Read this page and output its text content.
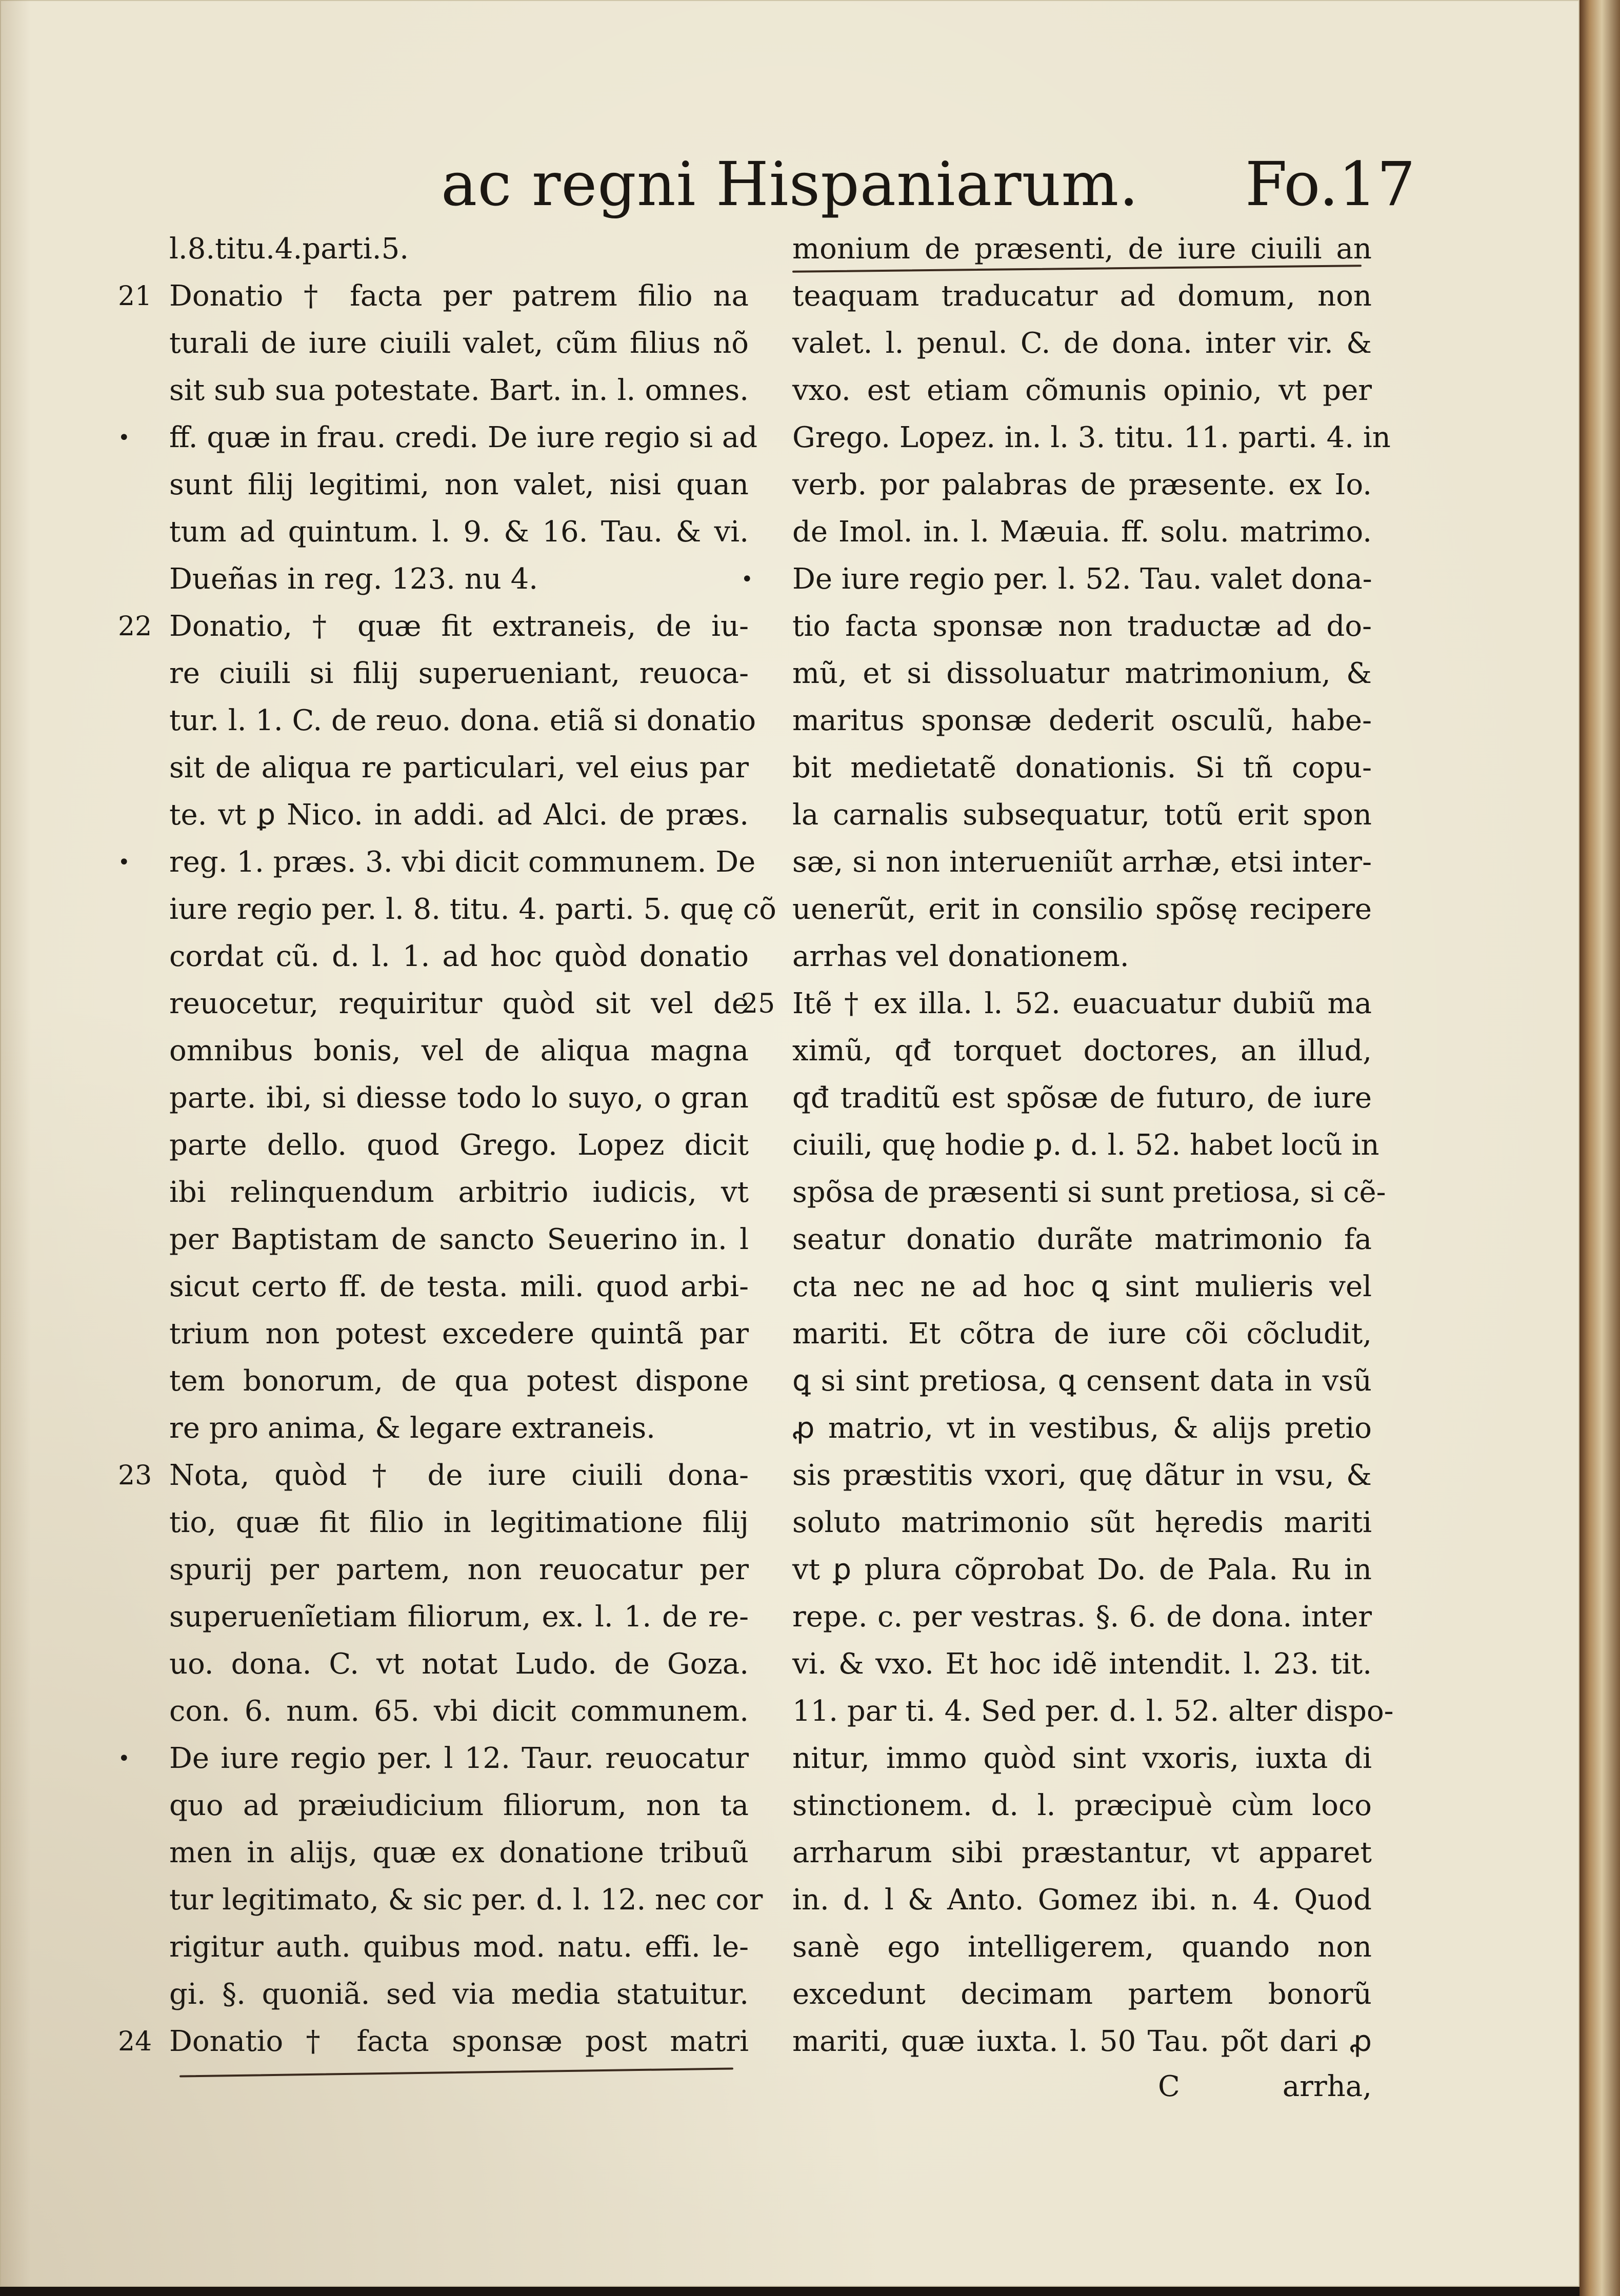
ac regni Hispaniarum. Fo.17
l.8.titu.4.parti.5.
21 Donatio † facta per patrem filio na
turali de iure ciuili valet, cũm filius nõ
sit sub sua potestate. Bart. in. l. omnes.
•	ff. quæ in frau. credi. De iure regio si ad
sunt filij legitimi, non valet, nisi quan
tum ad quintum. l. 9. & 16. Tau. & vi.
Dueñas in reg. 123. nu 4.
22 Donatio, † quæ fit extraneis, de iu-
re ciuili si filij superueniant, reuoca-
tur. l. 1. C. de reuo. dona. etiã si donatio
sit de aliqua re particulari, vel eius par
te. vt ꝑ Nico. in addi. ad Alci. de præs.
•	reg. 1. præs. 3. vbi dicit communem. De
iure regio per. l. 8. titu. 4. parti. 5. quę cõ
cordat cũ. d. l. 1. ad hoc quòd donatio
reuocetur, requiritur quòd sit vel de
omnibus bonis, vel de aliqua magna
parte. ibi, si diesse todo lo suyo, o gran
parte dello. quod Grego. Lopez dicit
ibi relinquendum arbitrio iudicis, vt
per Baptistam de sancto Seuerino in. l
sicut certo ff. de testa. mili. quod arbi-
trium non potest excedere quintã par
tem bonorum, de qua potest dispone
re pro anima, & legare extraneis.
23 Nota, quòd † de iure ciuili dona-
tio, quæ fit filio in legitimatione filij
spurij per partem, non reuocatur per
superuenĩetiam filiorum, ex. l. 1. de re-
uo. dona. C. vt notat Ludo. de Goza.
con. 6. num. 65. vbi dicit communem.
•	De iure regio per. l 12. Taur. reuocatur
quo ad præiudicium filiorum, non ta
men in alijs, quæ ex donatione tribuũ
tur legitimato, & sic per. d. l. 12. nec cor
rigitur auth. quibus mod. natu. effi. le-
gi. §. quoniã. sed via media statuitur.
24 Donatio † facta sponsæ post matri
monium de præsenti, de iure ciuili an
teaquam traducatur ad domum, non
valet. l. penul. C. de dona. inter vir. &
vxo. est etiam cõmunis opinio, vt per
Grego. Lopez. in. l. 3. titu. 11. parti. 4. in
verb. por palabras de præsente. ex Io.
de Imol. in. l. Mæuia. ff. solu. matrimo.
•	De iure regio per. l. 52. Tau. valet dona-
tio facta sponsæ non traductæ ad do-
mũ, et si dissoluatur matrimonium, &
maritus sponsæ dederit osculũ, habe-
bit medietatẽ donationis. Si tñ copu-
la carnalis subsequatur, totũ erit spon
sæ, si non interueniũt arrhæ, etsi inter-
uenerũt, erit in consilio spõsę recipere
arrhas vel donationem.
25 Itẽ † ex illa. l. 52. euacuatur dubiũ ma
ximũ, qđ torquet doctores, an illud,
qđ traditũ est spõsæ de futuro, de iure
ciuili, quę hodie ꝑ. d. l. 52. habet locũ in
spõsa de præsenti si sunt pretiosa, si cẽ-
seatur donatio durãte matrimonio fa
cta nec ne ad hoc ꝗ sint mulieris vel
mariti. Et cõtra de iure cõi cõcludit,
ꝗ si sint pretiosa, ꝗ censent data in vsũ
ꝓ matrio, vt in vestibus, & alijs pretio
sis præstitis vxori, quę dãtur in vsu, &
soluto matrimonio sũt hęredis mariti
vt ꝑ plura cõprobat Do. de Pala. Ru in
repe. c. per vestras. §. 6. de dona. inter
vi. & vxo. Et hoc idẽ intendit. l. 23. tit.
11. par ti. 4. Sed per. d. l. 52. alter dispo-
nitur, immo quòd sint vxoris, iuxta di
stinctionem. d. l. præcipuè cùm loco
arrharum sibi præstantur, vt apparet
in. d. l & Anto. Gomez ibi. n. 4. Quod
sanè ego intelligerem, quando non
excedunt decimam partem bonorũ
mariti, quæ iuxta. l. 50 Tau. põt dari ꝓ
C	arrha,
